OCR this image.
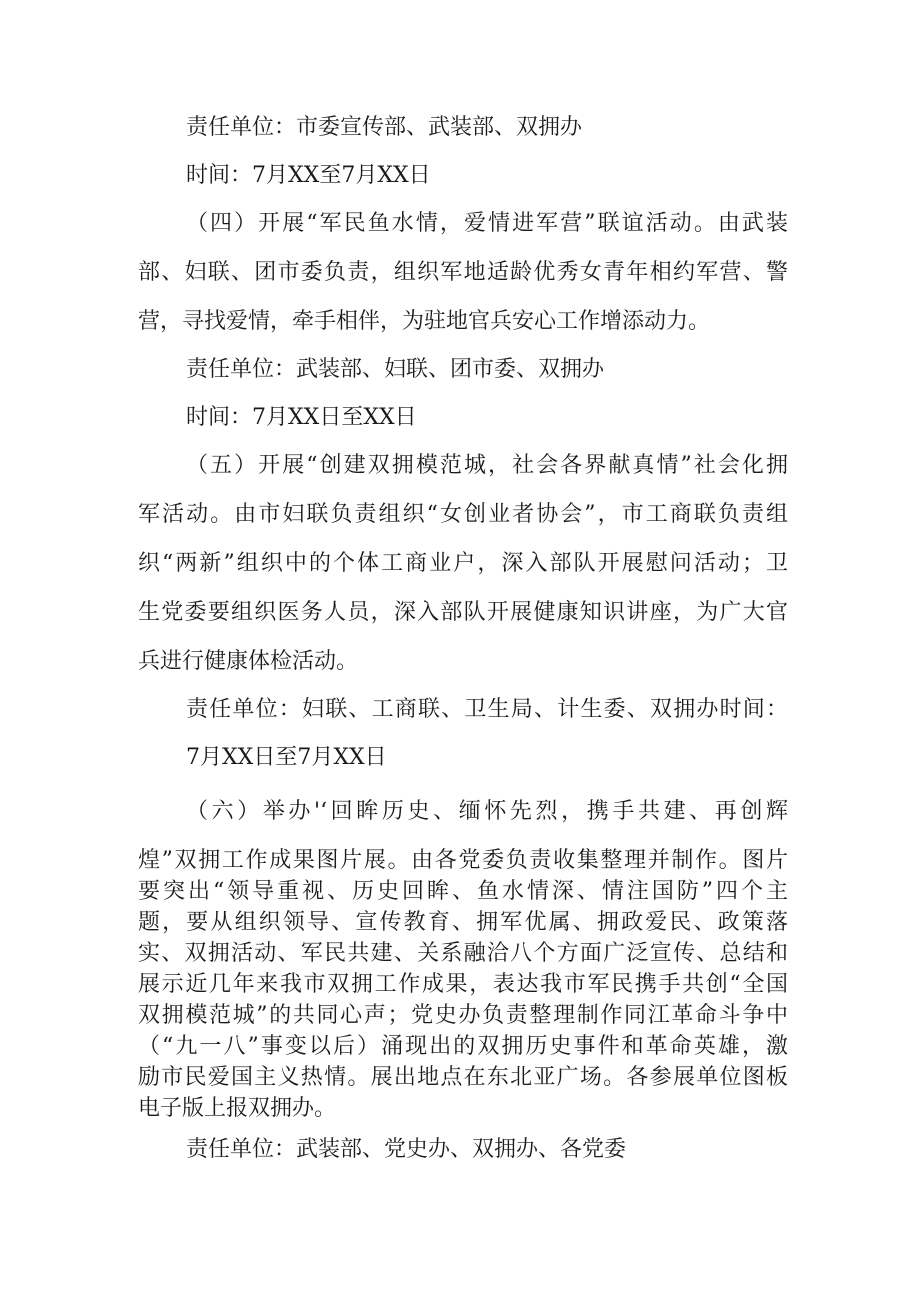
责任单位：市委宣传部、武装部、双拥办
时间：7月XX至7月XX日
（四）开展“军民鱼水情，爱情进军营”联谊活动。由武装
部、妇联、团市委负责，组织军地适龄优秀女青年相约军营、警
营，寻找爱情，牵手相伴，为驻地官兵安心工作增添动力。
责任单位：武装部、妇联、团市委、双拥办
时间：7月XX日至XX日
（五）开展“创建双拥模范城，社会各界献真情”社会化拥
军活动。由市妇联负责组织“女创业者协会”，市工商联负责组
织“两新”组织中的个体工商业户，深入部队开展慰问活动；卫
生党委要组织医务人员，深入部队开展健康知识讲座，为广大官
兵进行健康体检活动。
责任单位：妇联、工商联、卫生局、计生委、双拥办时间：
7月XX日至7月XX日
（六）举办'‘回眸历史、缅怀先烈，携手共建、再创辉
煌”双拥工作成果图片展。由各党委负责收集整理并制作。图片
要突出“领导重视、历史回眸、鱼水情深、情注国防”四个主
题，要从组织领导、宣传教育、拥军优属、拥政爱民、政策落
实、双拥活动、军民共建、关系融洽八个方面广泛宣传、总结和
展示近几年来我市双拥工作成果，表达我市军民携手共创“全国
双拥模范城”的共同心声；党史办负责整理制作同江革命斗争中
（“九一八”事变以后）涌现出的双拥历史事件和革命英雄，激
励市民爱国主义热情。展出地点在东北亚广场。各参展单位图板
电子版上报双拥办。
责任单位：武装部、党史办、双拥办、各党委
